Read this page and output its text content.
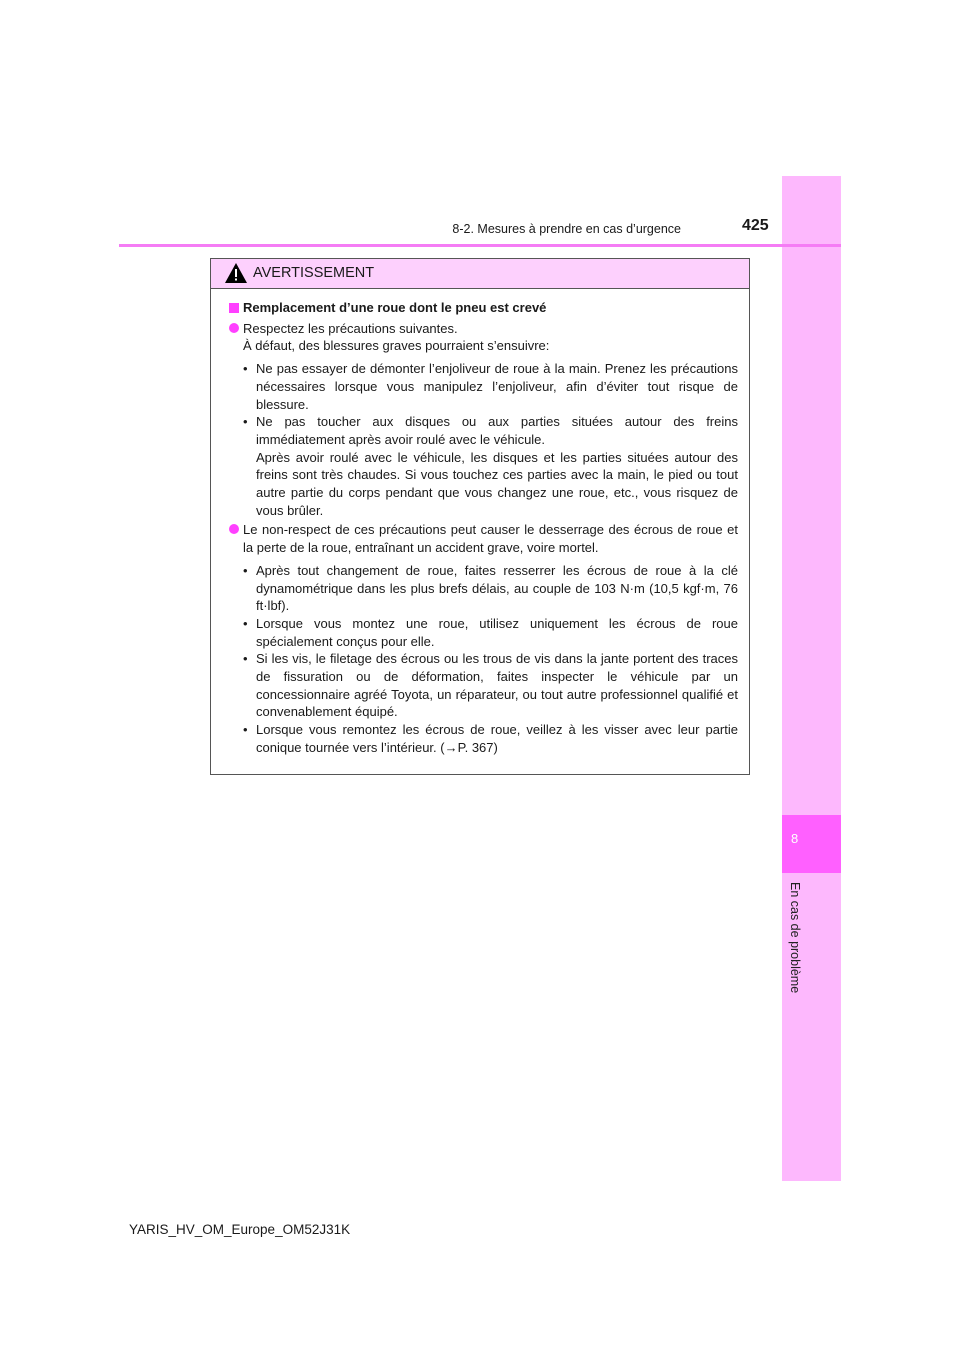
8
En cas de problème
8-2. Mesures à prendre en cas d’urgence	425
AVERTISSEMENT
Remplacement d’une roue dont le pneu est crevé
Respectez les précautions suivantes.
À défaut, des blessures graves pourraient s’ensuivre:
• Ne pas essayer de démonter l’enjoliveur de roue à la main. Prenez les précautions nécessaires lorsque vous manipulez l’enjoliveur, afin d’éviter tout risque de blessure.
• Ne pas toucher aux disques ou aux parties situées autour des freins immédiatement après avoir roulé avec le véhicule.
Après avoir roulé avec le véhicule, les disques et les parties situées autour des freins sont très chaudes. Si vous touchez ces parties avec la main, le pied ou tout autre partie du corps pendant que vous changez une roue, etc., vous risquez de vous brûler.
Le non-respect de ces précautions peut causer le desserrage des écrous de roue et la perte de la roue, entraînant un accident grave, voire mortel.
• Après tout changement de roue, faites resserrer les écrous de roue à la clé dynamométrique dans les plus brefs délais, au couple de 103 N·m (10,5 kgf·m, 76 ft·lbf).
• Lorsque vous montez une roue, utilisez uniquement les écrous de roue spécialement conçus pour elle.
• Si les vis, le filetage des écrous ou les trous de vis dans la jante portent des traces de fissuration ou de déformation, faites inspecter le véhicule par un concessionnaire agréé Toyota, un réparateur, ou tout autre professionnel qualifié et convenablement équipé.
• Lorsque vous remontez les écrous de roue, veillez à les visser avec leur partie conique tournée vers l’intérieur. (→P. 367)
YARIS_HV_OM_Europe_OM52J31K
